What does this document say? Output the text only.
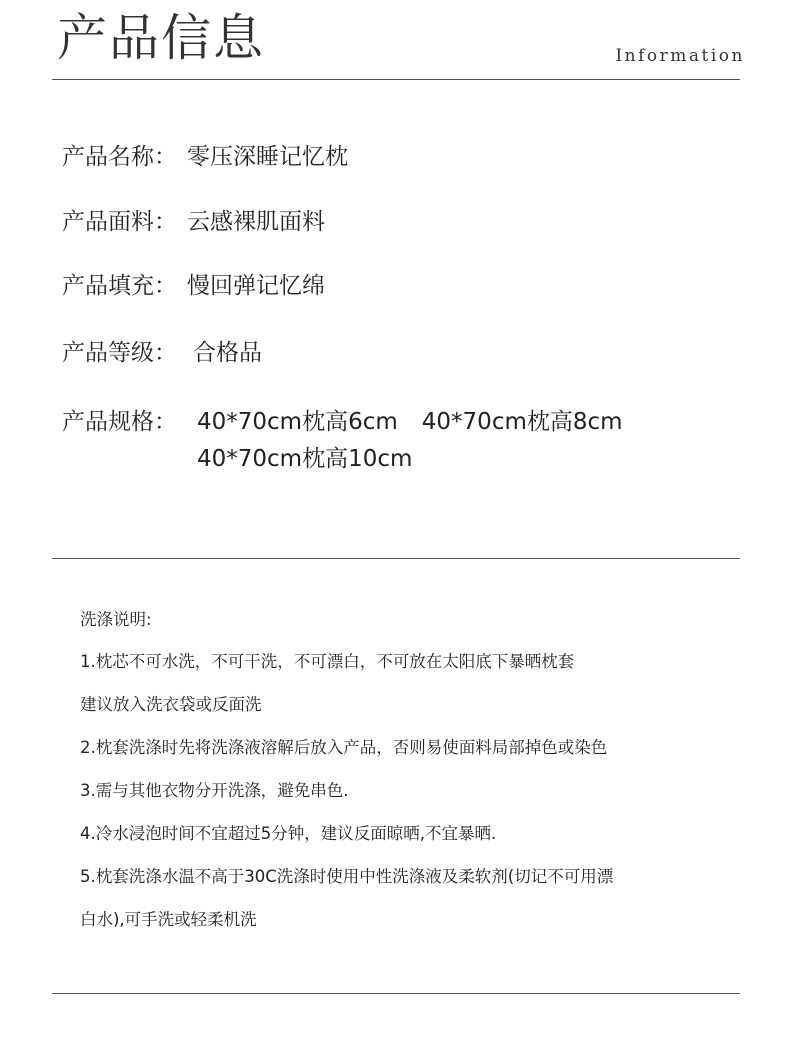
产品信息	Information
产品名称： 零压深睡记忆枕
产品面料： 云感裸肌面料
产品填充： 慢回弹记忆绵
产品等级： 合格品
产品规格： 40*70cm枕高6cm 40*70cm枕高8cm
40*70cm枕高10cm
洗涤说明:
1.枕芯不可水洗，不可干洗，不可漂白，不可放在太阳底下暴晒枕套
建议放入洗衣袋或反面洗
2.枕套洗涤时先将洗涤液溶解后放入产品，否则易使面料局部掉色或染色
3.需与其他衣物分开洗涤，避免串色.
4.冷水浸泡时间不宜超过5分钟，建议反面晾晒,不宜暴晒.
5.枕套洗涤水温不高于30C洗涤时使用中性洗涤液及柔软剂(切记不可用漂
白水),可手洗或轻柔机洗
